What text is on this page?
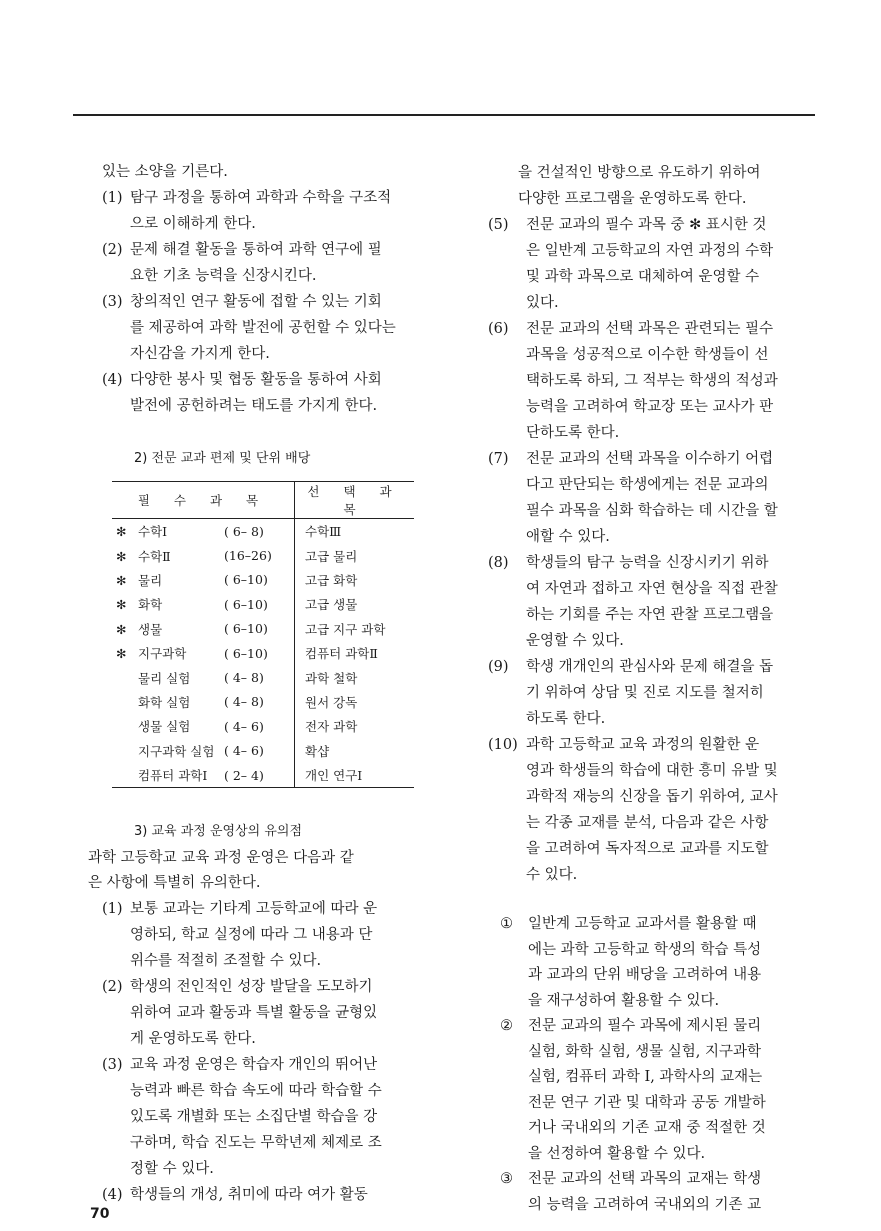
있는 소양을 기른다.

(1) 탐구 과정을 통하여 과학과 수학을 구조적
으로 이해하게 한다.
(2) 문제 해결 활동을 통하여 과학 연구에 필
요한 기초 능력을 신장시킨다.
(3) 창의적인 연구 활동에 접할 수 있는 기회
를 제공하여 과학 발전에 공헌할 수 있다는
자신감을 가지게 한다.
(4) 다양한 봉사 및 협동 활동을 통하여 사회
발전에 공헌하려는 태도를 가지게 한다.
2) 전문 교과 편제 및 단위 배당
필 수 과 목		선 택 과 목
✻ 수학Ⅰ	( 6– 8)	수학Ⅲ
✻ 수학Ⅱ	(16–26)	고급 물리
✻ 물리	( 6–10)	고급 화학
✻ 화학	( 6–10)	고급 생물
✻ 생물	( 6–10)	고급 지구 과학
✻ 지구과학	( 6–10)	컴퓨터 과학Ⅱ
물리 실험	( 4– 8)	과학 철학
화학 실험	( 4– 8)	원서 강독
생물 실험	( 4– 6)	전자 과학
지구과학 실험	( 4– 6)	확샵
컴퓨터 과학Ⅰ	( 2– 4)	개인 연구Ⅰ
3) 교육 과정 운영상의 유의점

과학 고등학교 교육 과정 운영은 다음과 같
은 사항에 특별히 유의한다.

(1) 보통 교과는 기타계 고등학교에 따라 운
영하되, 학교 실정에 따라 그 내용과 단
위수를 적절히 조절할 수 있다.
(2) 학생의 전인적인 성장 발달을 도모하기
위하여 교과 활동과 특별 활동을 균형있
게 운영하도록 한다.
(3) 교육 과정 운영은 학습자 개인의 뛰어난
능력과 빠른 학습 속도에 따라 학습할 수
있도록 개별화 또는 소집단별 학습을 강
구하며, 학습 진도는 무학년제 체제로 조
정할 수 있다.
(4) 학생들의 개성, 취미에 따라 여가 활동

을 건설적인 방향으로 유도하기 위하여
다양한 프로그램을 운영하도록 한다.

(5) 전문 교과의 필수 과목 중 ✻ 표시한 것
은 일반계 고등학교의 자연 과정의 수학
및 과학 과목으로 대체하여 운영할 수
있다.
(6) 전문 교과의 선택 과목은 관련되는 필수
과목을 성공적으로 이수한 학생들이 선
택하도록 하되, 그 적부는 학생의 적성과
능력을 고려하여 학교장 또는 교사가 판
단하도록 한다.
(7) 전문 교과의 선택 과목을 이수하기 어렵
다고 판단되는 학생에게는 전문 교과의
필수 과목을 심화 학습하는 데 시간을 할
애할 수 있다.
(8) 학생들의 탐구 능력을 신장시키기 위하
여 자연과 접하고 자연 현상을 직접 관찰
하는 기회를 주는 자연 관찰 프로그램을
운영할 수 있다.
(9) 학생 개개인의 관심사와 문제 해결을 돕
기 위하여 상담 및 진로 지도를 철저히
하도록 한다.
(10) 과학 고등학교 교육 과정의 원활한 운
영과 학생들의 학습에 대한 흥미 유발 및
과학적 재능의 신장을 돕기 위하여, 교사
는 각종 교재를 분석, 다음과 같은 사항
을 고려하여 독자적으로 교과를 지도할
수 있다.
① 일반계 고등학교 교과서를 활용할 때
에는 과학 고등학교 학생의 학습 특성
과 교과의 단위 배당을 고려하여 내용
을 재구성하여 활용할 수 있다.
② 전문 교과의 필수 과목에 제시된 물리
실험, 화학 실험, 생물 실험, 지구과학
실험, 컴퓨터 과학 Ⅰ, 과학사의 교재는
전문 연구 기관 및 대학과 공동 개발하
거나 국내외의 기존 교재 중 적절한 것
을 선정하여 활용할 수 있다.
③ 전문 교과의 선택 과목의 교재는 학생
의 능력을 고려하여 국내외의 기존 교
70
